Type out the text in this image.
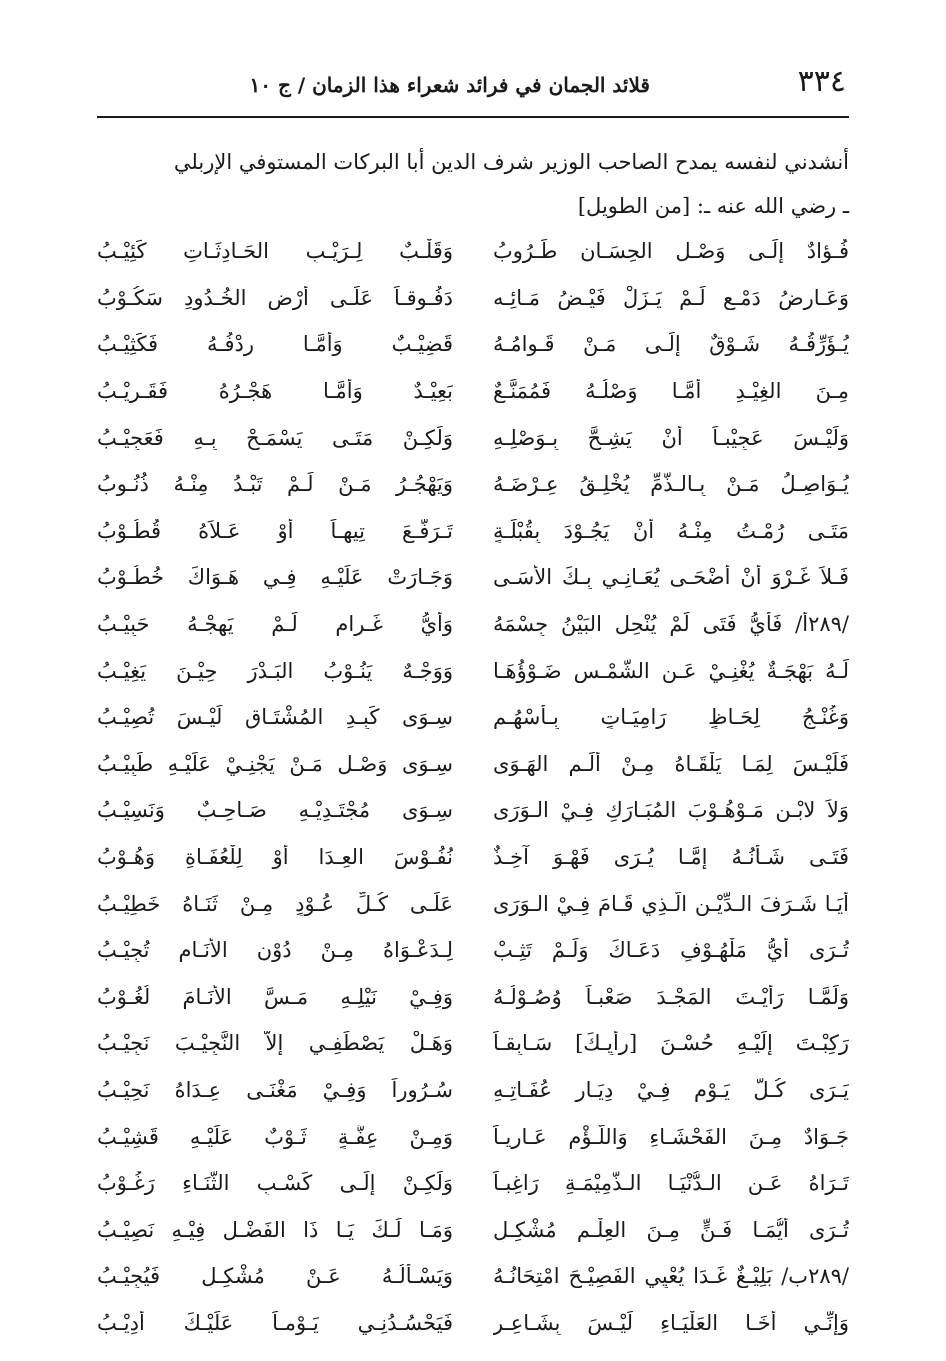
٣٣٤
قلائد الجمان في فرائد شعراء هذا الزمان / ج ١٠
أنشدني لنفسه يمدح الصاحب الوزير شرف الدين أبا البركات المستوفي الإربلي
ـ رضي الله عنه ـ: [من الطويل]
فُـؤادٌ إلَـى وَصْـلِ الحِسَـانِ طَـرُوبُ
وَقَلْـبٌ لِـرَيْـبِ الحَـادِثَـاتِ كَئِيْـبُ
وَعَـارِضُ دَمْـعٍ لَـمْ يَـزَلْ فَيْـضُ مَـائِـه
دَفُـوقـاً عَلَـى أَرْضِ الخُـدُودِ سَكُـوْبُ
يُـؤَرِّقُـهُ شَـوْقٌ إلَـى مَـنْ قَـوامُـهُ
قَضِيْـبٌ وَأَمَّـا رِدْفُـهُ فَكَثِيْـبُ
مِـنَ الغِيْـدِ أمَّـا وَصْلُـهُ فَمُمَنَّـعٌ
بَعِيْـدٌ وَأمَّـا هَجْـرُهُ فَقَـرِيْـبُ
وَلَيْـسَ عَجِيْبـاً أنْ يَشِـحَّ بِـوَصْلِـهِ
وَلَكِـنْ مَتَـى يَسْمَـحْ بِـهِ فَعَجِيْـبُ
يُـوَاصِـلُ مَـنْ بِـالـذَّمِّ يُخْلِـقُ عِـرْضَـهُ
وَيَهْجُـرُ مَـنْ لَـمْ تَبْـدُ مِنْـهُ ذُنُـوبُ
مَتَـى رُمْـتُ مِنْـهُ أنْ يَجُـوْدَ بِقُبْلَـةٍ
تَـرَفَّـعَ تِيهـاً أوْ عَـلاَهُ قُطُـوْبُ
فَـلاَ غَـرْوَ أنْ أضْحَـى يُعَـانِـي بِـكَ الأَسَـى
وَجَـارَتْ عَلَيْـهِ فِـي هَـوَاكَ خُطُـوْبُ
/٢٨٩أ/ فَأيُّ فَتَى لَمْ يُنْحِلِ البَيْنُ جِسْمَهُ
وَأيُّ غَـرامٍ لَـمْ يَهِجْـهُ حَبِيْـبُ
لَـهُ بَهْجَـةٌ يُغْنِـيْ عَـنِ الشَّمْـسِ ضَـوْؤُهَـا
وَوَجْـهٌ يَنُـوْبُ البَـدْرَ حِيْـنَ يَغِيْـبُ
وَغُنْـجُ لِحَـاظٍ رَامِيَـاتٍ بِـأسْهُـمٍ
سِـوَى كَبِـدِ المُشْتَـاقِ لَيْـسَ تُصِيْـبُ
فَلَيْـسَ لِمَـا يَلْقَـاهُ مِـنْ أَلَـمِ الهَـوَى
سِـوَى وَصْـلِ مَـنْ يَجْنِـيْ عَلَيْـهِ طَبِيْـبُ
وَلاَ لابْـنِ مَـوْهُـوْبَ المُبَـارَكِ فِـيْ الـوَرَى
سِـوَى مُجْتَـدِيْـهِ صَـاحِـبٌ وَنَسِيْـبُ
فَتَـى شَـأنُـهُ إمَّـا يُـرَى فَهْـوَ آخِـذٌ
نُفُـوْسَ العِـدَا أوْ لِلْعُفَـاةِ وَهُـوْبُ
أيَـا شَـرَفَ الـدِّيْـنِ الَّـذِي قَـامَ فِـيْ الـوَرَى
عَلَـى كُـلِّ عُـوْدٍ مِـنْ ثَنَـاهُ خَطِيْـبُ
تُـرَى أيُّ مَلْهُـوْفٍ دَعَـاكَ وَلَـمْ تَثِـبْ
لِـدَعْـوَاهُ مِـنْ دُوْنِ الأنَـامِ تُجِيْـبُ
وَلَمَّـا رَأيْـتَ المَجْـدَ صَعْبـاً وُصُـوْلُـهُ
وَفِـيْ نَيْلِـهِ مَـسَّ الأنَـامَ لُغُـوْبُ
رَكِبْـتَ إلَيْـهِ حُسْـنَ [رأيِـكَ] سَـابِقـاً
وَهَـلْ يَصْطَفِـي إلاَّ النَّجِيْـبَ نَجِيْـبُ
يَـرَى كُـلَّ يَـوْمٍ فِـيْ دِيَـارِ عُفَـاتِـهِ
سُـرُوراً وَفِـيْ مَغْنَـى عِـدَاهُ نَحِيْـبُ
جَـوَادٌ مِـنَ الفَحْشَـاءِ وَاللُّـؤْمِ عَـارِيـاً
وَمِـنْ عِفَّـةٍ ثَـوْبٌ عَلَيْـهِ قَشِيْـبُ
تَـرَاهُ عَـنِ الـدُّنْيَـا الـذَّمِيْمَـةِ رَاغِبـاً
وَلَكِـنْ إلَـى كَسْـبِ الثَّنَـاءِ رَغُـوْبُ
تُـرَى أيُّمَـا فَـنٍّ مِـنَ العِلْـمِ مُشْكِـلٍ
وَمَـا لَـكَ يَـا ذَا الفَضْـلِ فِيْـهِ نَصِيْـبُ
/٢٨٩ب/ بَلِيْـغٌ غَـدَا يُعْيِي الفَصِيْـحَ امْتِحَانُـهُ
وَيَسْـألُـهُ عَـنْ مُشْكِـلٍ فَيُجِيْـبُ
وَإنِّـي أخَـا العَلْيَـاءِ لَيْـسَ بِشَـاعِـرٍ
فَيَحْسُـدُنِـي يَـوْمـاً عَلَيْـكَ أدِيْـبُ
